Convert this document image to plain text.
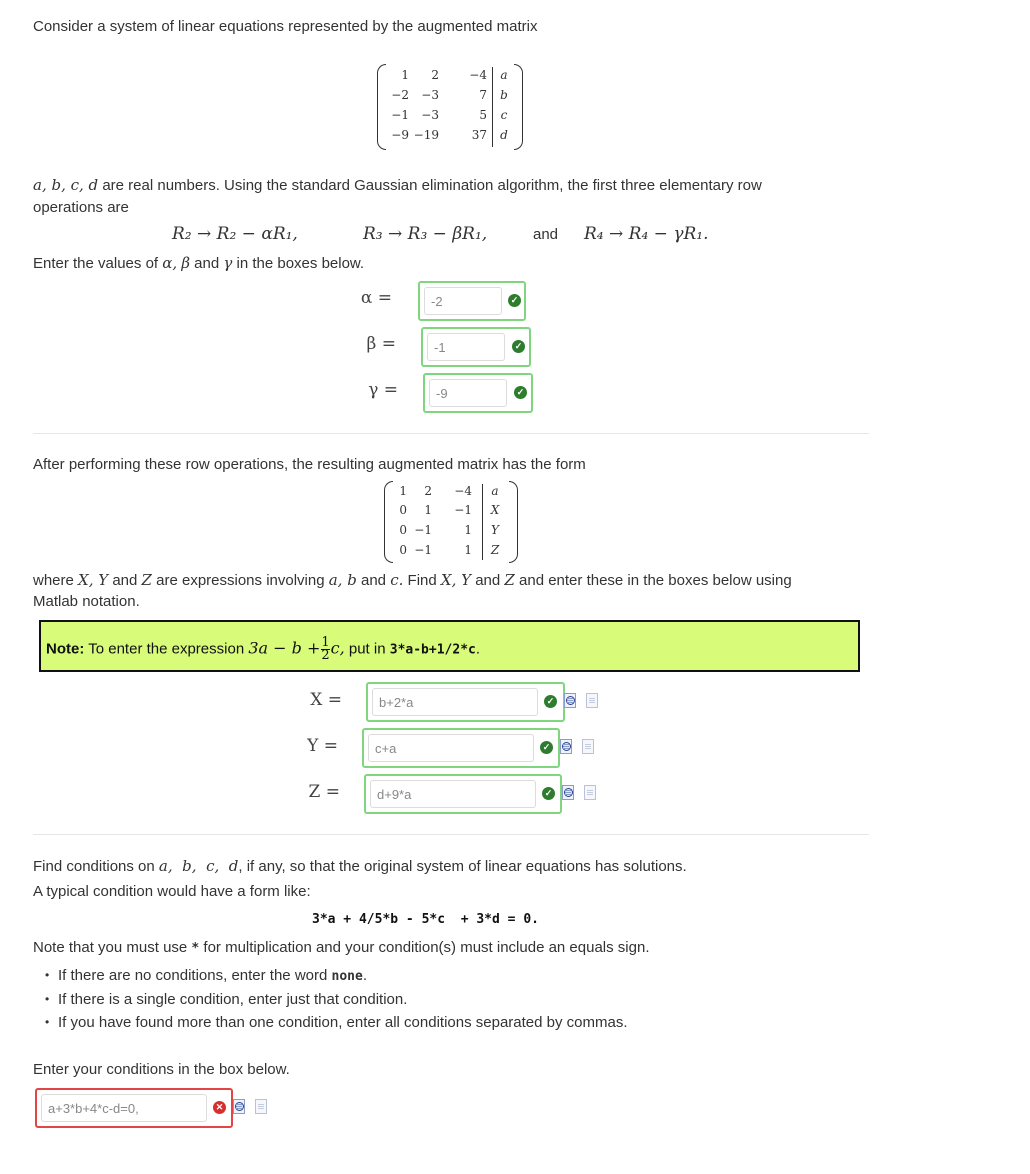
Consider a system of linear equations represented by the augmented matrix
1	2	−4 a
−2	−3	7 b
−1	−3	5	c
−9 −19	37 d
a, b, c, d are real numbers. Using the standard Gaussian elimination algorithm, the first three elementary row
operations are
R₂ → R₂ − αR₁,	R₃ → R₃ − βR₁,	and R₄ → R₄ − γR₁.
Enter the values of α, β and γ in the boxes below.
α =
-2	✓
β =
-1	✓
γ =
-9	✓
After performing these row operations, the resulting augmented matrix has the form
1	2	−4 a
0	1	−1 X
0 −1	1 Y
0 −1	1 Z
where X, Y and Z are expressions involving a, b and c. Find X, Y and Z and enter these in the boxes below using
Matlab notation.
Note: To enter the expression $3a - b + \frac{1}{2} c$, put in 3*a-b+1/2*c.
X =
b+2*a	✓
Y =
c+a	✓
Z =
d+9*a	✓
Find conditions on a,  b,  c,  d, if any, so that the original system of linear equations has solutions.
A typical condition would have a form like:
3*a + 4/5*b - 5*c  + 3*d = 0.
Note that you must use * for multiplication and your condition(s) must include an equals sign.
• If there are no conditions, enter the word none.
• If there is a single condition, enter just that condition.
• If you have found more than one condition, enter all conditions separated by commas.
Enter your conditions in the box below.
a+3*b+4*c-d=0,
✕
